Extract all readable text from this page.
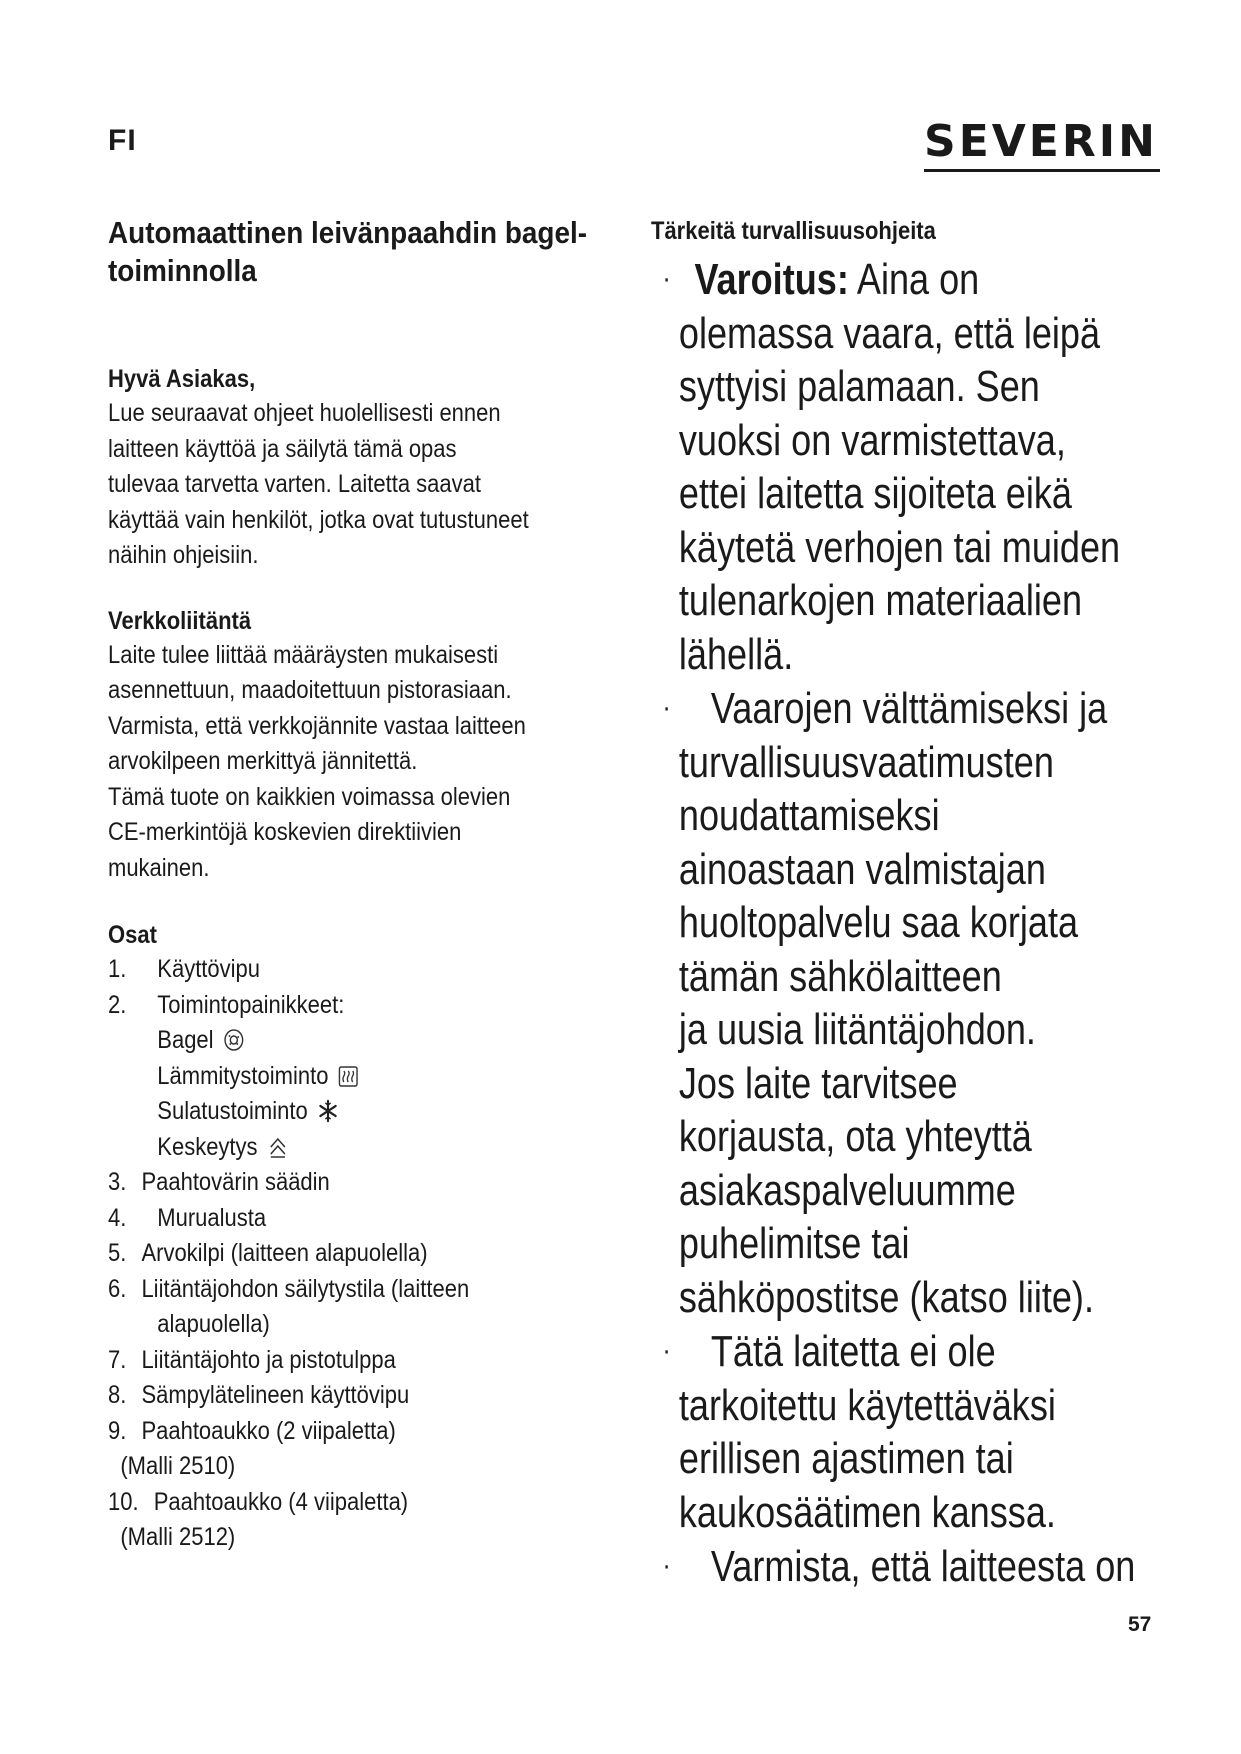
FI	SEVERIN
Automaattinen leivänpaahdin bagel-
toiminnolla

Hyvä Asiakas,

Lue seuraavat ohjeet huolellisesti ennen
laitteen käyttöä ja säilytä tämä opas
tulevaa tarvetta varten. Laitetta saavat
käyttää vain henkilöt, jotka ovat tutustuneet
näihin ohjeisiin.

Verkkoliitäntä

Laite tulee liittää määräysten mukaisesti
asennettuun, maadoitettuun pistorasiaan.
Varmista, että verkkojännite vastaa laitteen
arvokilpeen merkittyä jännitettä.
Tämä tuote on kaikkien voimassa olevien
CE-merkintöjä koskevien direktiivien
mukainen.

Osat

1. Käyttövipu
2. Toimintopainikkeet:
Bagel
Lämmitystoiminto
Sulatustoiminto
Keskeytys
3. Paahtovärin säädin
4. Murualusta
5. Arvokilpi (laitteen alapuolella)
6. Liitäntäjohdon säilytystila (laitteen
alapuolella)
7. Liitäntäjohto ja pistotulppa
8. Sämpylätelineen käyttövipu
9. Paahtoaukko (2 viipaletta)
(Malli 2510)
10. Paahtoaukko (4 viipaletta)
(Malli 2512)

Tärkeitä turvallisuusohjeita

· Varoitus: Aina on
olemassa vaara, että leipä
syttyisi palamaan. Sen
vuoksi on varmistettava,
ettei laitetta sijoiteta eikä
käytetä verhojen tai muiden
tulenarkojen materiaalien
lähellä.

· Vaarojen välttämiseksi ja
turvallisuusvaatimusten
noudattamiseksi
ainoastaan valmistajan
huoltopalvelu saa korjata
tämän sähkölaitteen
ja uusia liitäntäjohdon.
Jos laite tarvitsee
korjausta, ota yhteyttä
asiakaspalveluumme
puhelimitse tai
sähköpostitse (katso liite).

· Tätä laitetta ei ole
tarkoitettu käytettäväksi
erillisen ajastimen tai
kaukosäätimen kanssa.

· Varmista, että laitteesta on

57
